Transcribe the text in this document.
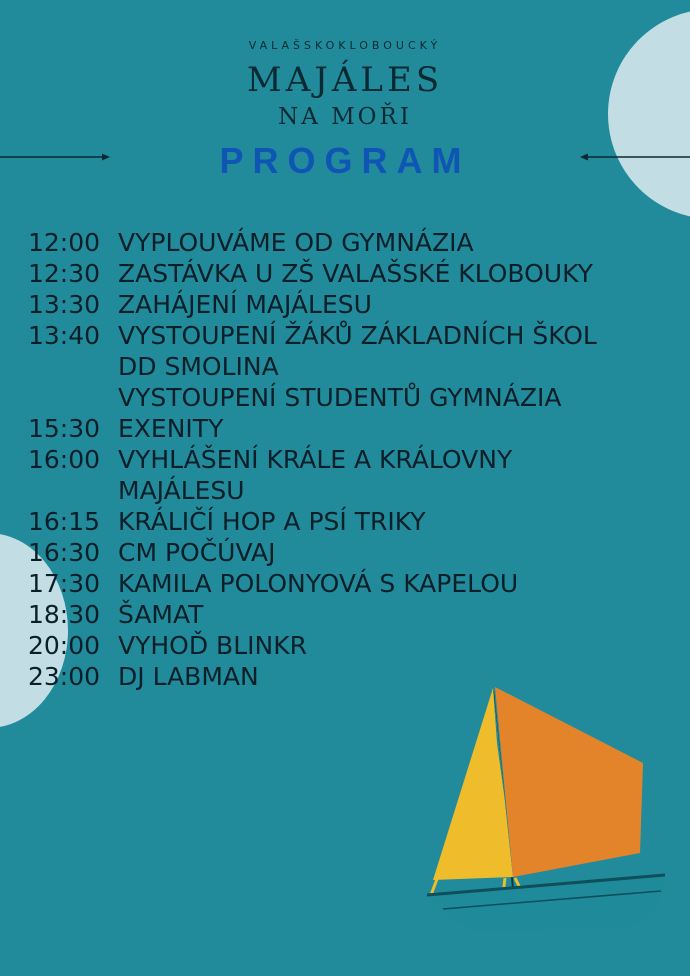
VALAŠSKOKLOBOUCKÝ
MAJÁLES
NA MOŘI
PROGRAM
12:00 VYPLOUVÁME OD GYMNÁZIA
12:30 ZASTÁVKA U ZŠ VALAŠSKÉ KLOBOUKY
13:30 ZAHÁJENÍ MAJÁLESU
13:40 VYSTOUPENÍ ŽÁKŮ ZÁKLADNÍCH ŠKOL
DD SMOLINA
VYSTOUPENÍ STUDENTŮ GYMNÁZIA
15:30 EXENITY
16:00 VYHLÁŠENÍ KRÁLE A KRÁLOVNY
MAJÁLESU
16:15 KRÁLIČÍ HOP A PSÍ TRIKY
16:30 CM POČÚVAJ
17:30 KAMILA POLONYOVÁ S KAPELOU
18:30 ŠAMAT
20:00 VYHOĎ BLINKR
23:00 DJ LABMAN
